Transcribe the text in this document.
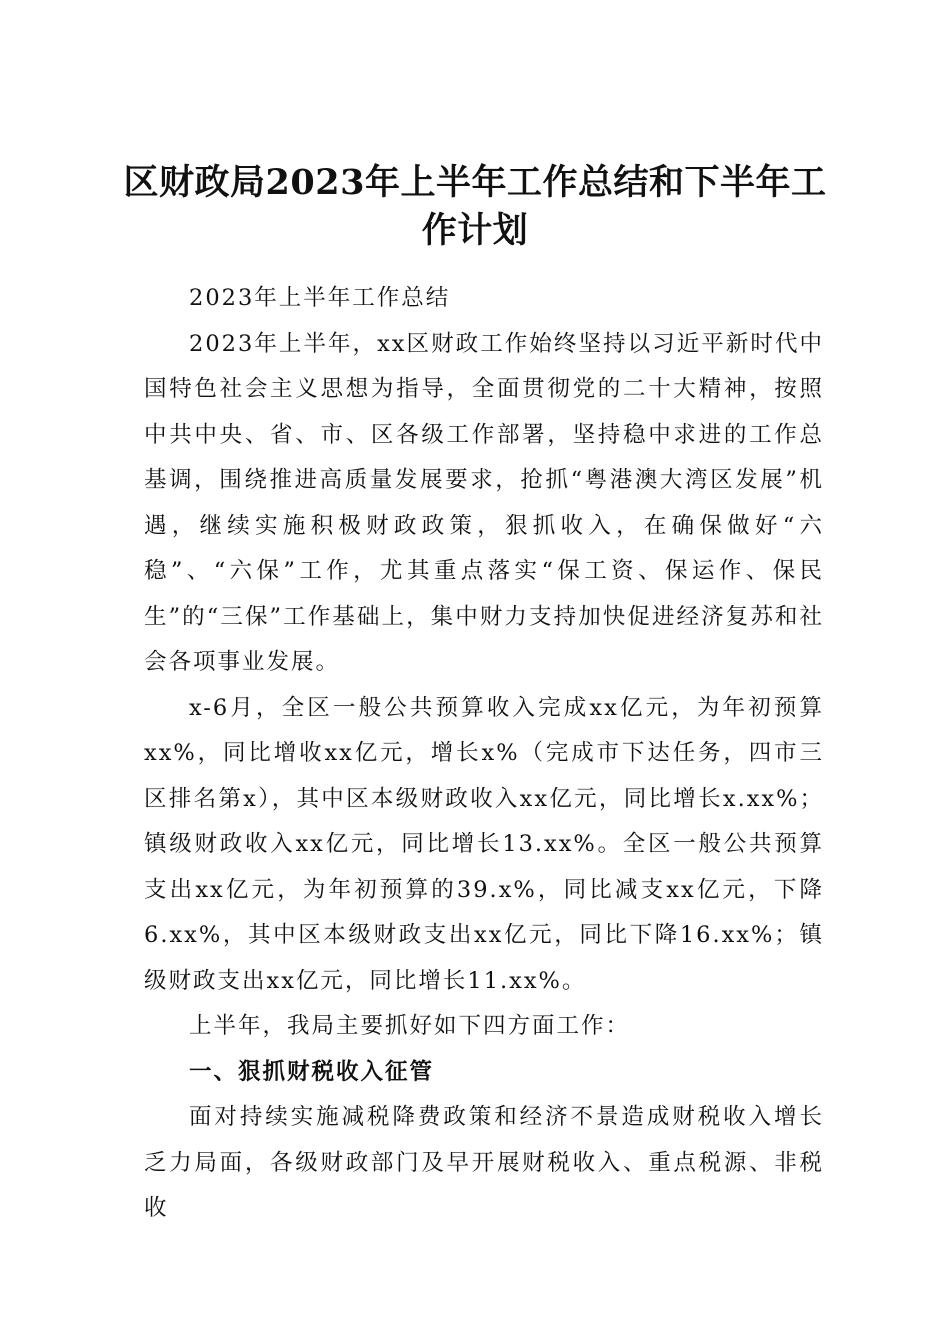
区财政局2023年上半年工作总结和下半年工作计划

2023年上半年工作总结

2023年上半年，xx区财政工作始终坚持以习近平新时代中国特色社会主义思想为指导，全面贯彻党的二十大精神，按照中共中央、省、市、区各级工作部署，坚持稳中求进的工作总基调，围绕推进高质量发展要求，抢抓“粤港澳大湾区发展”机遇，继续实施积极财政政策，狠抓收入，在确保做好“六稳”、“六保”工作，尤其重点落实“保工资、保运作、保民生”的“三保”工作基础上，集中财力支持加快促进经济复苏和社会各项事业发展。

x-6月，全区一般公共预算收入完成xx亿元，为年初预算xx%，同比增收xx亿元，增长x%（完成市下达任务，四市三区排名第x），其中区本级财政收入xx亿元，同比增长x.xx%；镇级财政收入xx亿元，同比增长13.xx%。全区一般公共预算支出xx亿元，为年初预算的39.x%，同比减支xx亿元，下降6.xx%，其中区本级财政支出xx亿元，同比下降16.xx%；镇级财政支出xx亿元，同比增长11.xx%。

上半年，我局主要抓好如下四方面工作：

一、狠抓财税收入征管

面对持续实施减税降费政策和经济不景造成财税收入增长乏力局面，各级财政部门及早开展财税收入、重点税源、非税收
